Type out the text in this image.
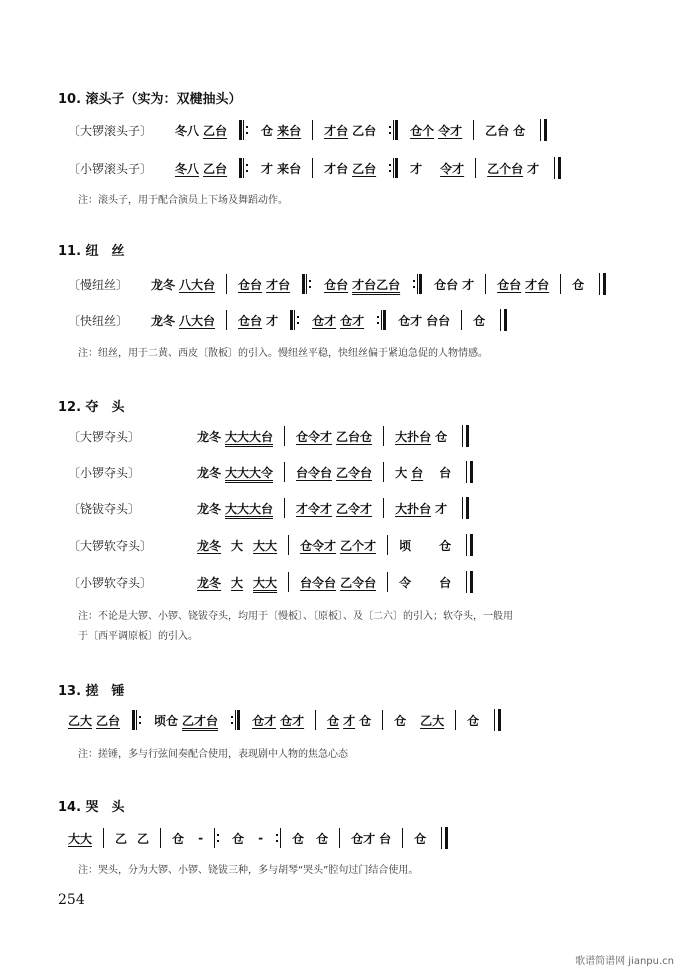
10. 滚头子（实为：双楗抽头）
〔大锣滚头子〕 冬八 乙台	仓 来台 才台 乙台	仓个 令才 乙台 仓
〔小锣滚头子〕 冬八 乙台	才 来台 才台 乙台	才 令才 乙个台 才
注：滚头子，用于配合演员上下场及舞蹈动作。
11. 纽　丝
〔慢纽丝〕 龙冬 八大台 仓台 才台	仓台 才台乙台	仓台 才 仓台 才台 仓
〔快纽丝〕 龙冬 八大台 仓台 才	仓才 仓才	仓才 台台 仓
注：纽丝，用于二黄、西皮〔散板〕的引入。慢纽丝平稳，快纽丝偏于紧迫急促的人物情感。
12. 夺　头
〔大锣夺头〕	龙冬 大大大台 仓令才 乙台仓 大扑台 仓
〔小锣夺头〕	龙冬 大大大令 台令台 乙令台 大 台 台
〔铙钹夺头〕	龙冬 大大大台 才令才 乙令才 大扑台 才
〔大锣软夺头〕	龙冬 大 大大 仓令才 乙个才 顷 仓
〔小锣软夺头〕	龙冬 大 大大 台令台 乙令台 令 台
注：不论是大锣、小锣、铙钹夺头，均用于〔慢板〕、〔原板〕、及〔二六〕的引入；软夺头，一般用
于〔西平调原板〕的引入。
13. 搓　锤
乙大 乙台	顷仓 乙才台	仓才 仓才 仓 才 仓 仓 乙大 仓
注：搓锤，多与行弦间奏配合使用，表现剧中人物的焦急心态
14. 哭　头
大大 乙 乙 仓 - 仓 - 仓 仓 仓才 台 仓
注：哭头，分为大锣、小锣、铙钹三种，多与胡琴“哭头”腔句过门结合使用。
254
歌谱简谱网 jianpu.cn
